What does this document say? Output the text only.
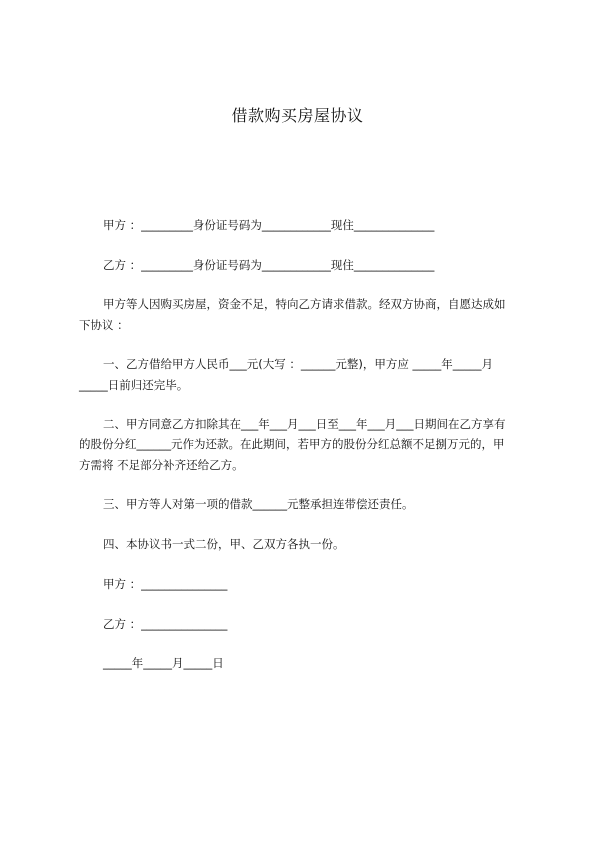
借款购买房屋协议
甲方 ：_________身份证号码为____________现住______________
乙方 ：_________身份证号码为____________现住______________
甲方等人因购买房屋，资金不足，特向乙方请求借款。经双方协商，自愿达成如
下协议 ：
一、乙方借给甲方人民币___元(大写 ：______元整)，甲方应 _____年_____月
_____日前归还完毕。
二、甲方同意乙方扣除其在___年___月___日至___年___月___日期间在乙方享有
的股份分红______元作为还款。在此期间，若甲方的股份分红总额不足捌万元的，甲
方需将 不足部分补齐还给乙方。
三、甲方等人对第一项的借款______元整承担连带偿还责任。
四、本协议书一式二份，甲、乙双方各执一份。
甲方 ：_______________
乙方 ：_______________
_____年_____月_____日
